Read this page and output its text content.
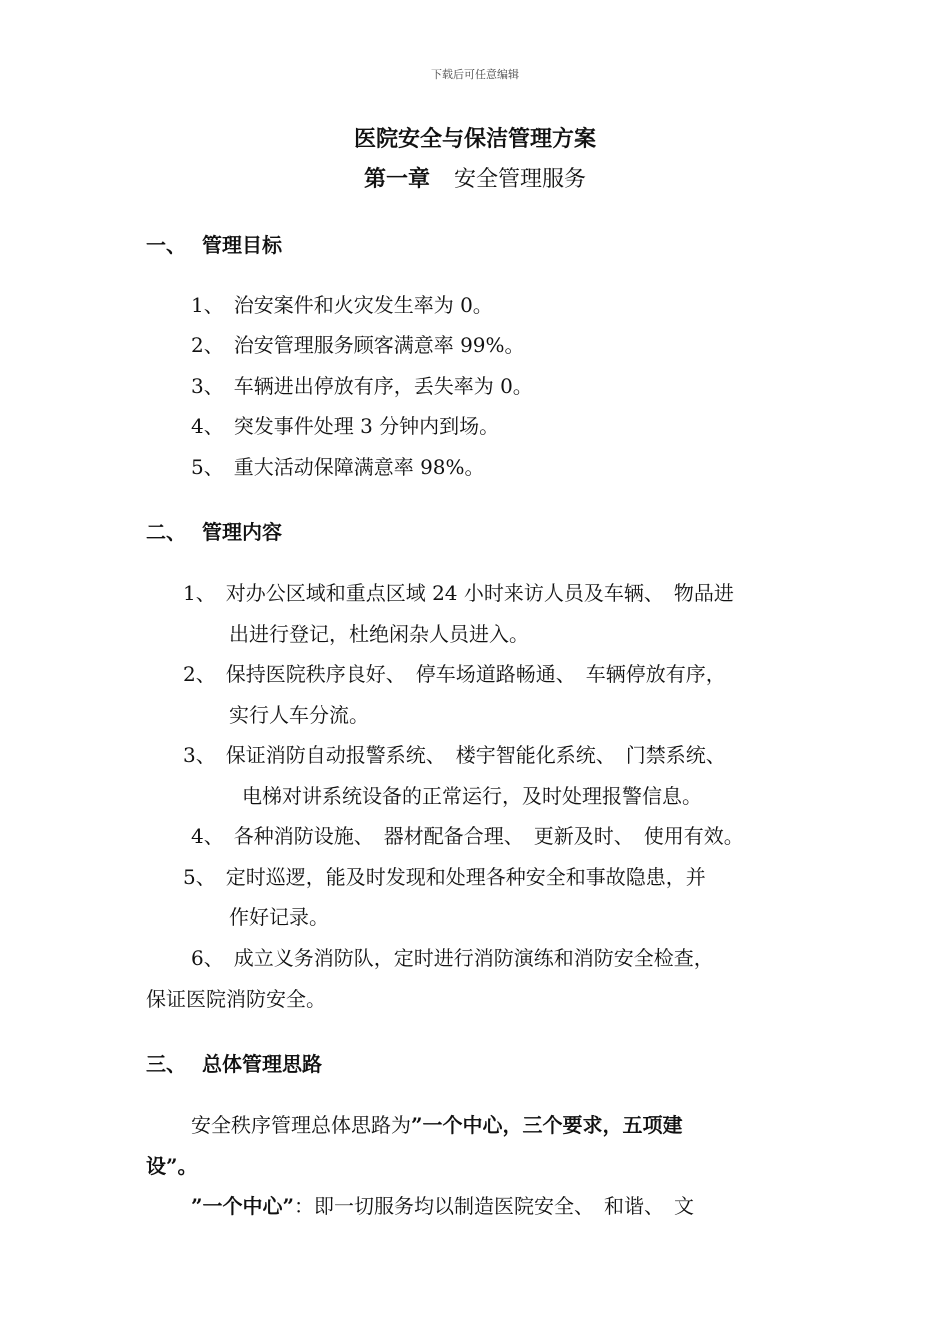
下载后可任意编辑
医院安全与保洁管理方案
第一章 安全管理服务
一、 管理目标
1、　治安案件和火灾发生率为 0。
2、　治安管理服务顾客满意率 99%。
3、　车辆进出停放有序，丢失率为 0。
4、　突发事件处理 3 分钟内到场。
5、　重大活动保障满意率 98%。
二、 管理内容
1、　对办公区域和重点区域 24 小时来访人员及车辆、　物品进
出进行登记，杜绝闲杂人员进入。
2、　保持医院秩序良好、　停车场道路畅通、　车辆停放有序，
实行人车分流。
3、　保证消防自动报警系统、　楼宇智能化系统、　门禁系统、
电梯对讲系统设备的正常运行，及时处理报警信息。
4、　各种消防设施、　器材配备合理、　更新及时、　使用有效。
5、　定时巡逻，能及时发现和处理各种安全和事故隐患，并
作好记录。
6、　成立义务消防队，定时进行消防演练和消防安全检查，
保证医院消防安全。
三、 总体管理思路
安全秩序管理总体思路为”一个中心，三个要求，五项建
设”。
”一个中心”：即一切服务均以制造医院安全、　和谐、　文
